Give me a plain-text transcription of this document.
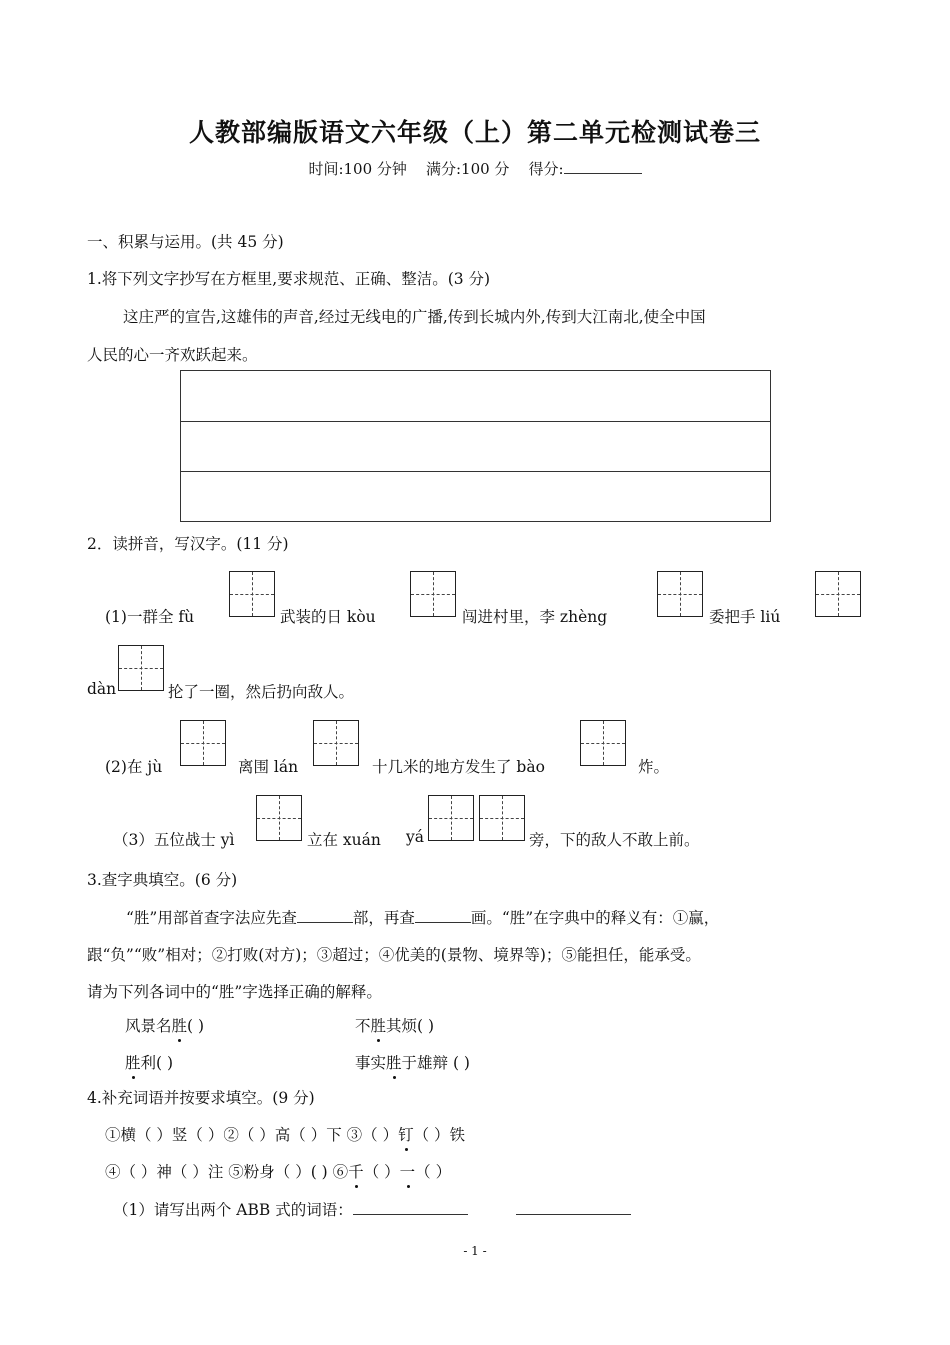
人教部编版语文六年级（上）第二单元检测试卷三
时间:100 分钟 满分:100 分 得分:
一、积累与运用。(共 45 分)
1.将下列文字抄写在方框里,要求规范、正确、整洁。(3 分)
这庄严的宣告,这雄伟的声音,经过无线电的广播,传到长城内外,传到大江南北,使全中国
人民的心一齐欢跃起来。
2．读拼音，写汉字。(11 分)
(1)一群全 fù	武装的日 kòu	闯进村里，李 zhèng	委把手 liú
dàn	抡了一圈，然后扔向敌人。
(2)在 jù	离围 lán	十几米的地方发生了 bào	炸。
（3）五位战士 yì	立在 xuán yá	旁，下的敌人不敢上前。
3.查字典填空。(6 分)
“胜”用部首查字法应先查	部，再查	画。“胜”在字典中的释义有：①赢，
跟“负”“败”相对；②打败(对方)；③超过；④优美的(景物、境界等)；⑤能担任，能承受。
请为下列各词中的“胜”字选择正确的解释。
风景名胜( )	不胜其烦( )
胜利( )	事实胜于雄辩 ( )
4.补充词语并按要求填空。(9 分)
①横（ ）竖（ ）②（ ）高（ ）下 ③（ ）钉（ ）铁
④（ ）神（ ）注 ⑤粉身（ ）( ) ⑥千（ ）一（ ）
（1）请写出两个 ABB 式的词语：
- 1 -
